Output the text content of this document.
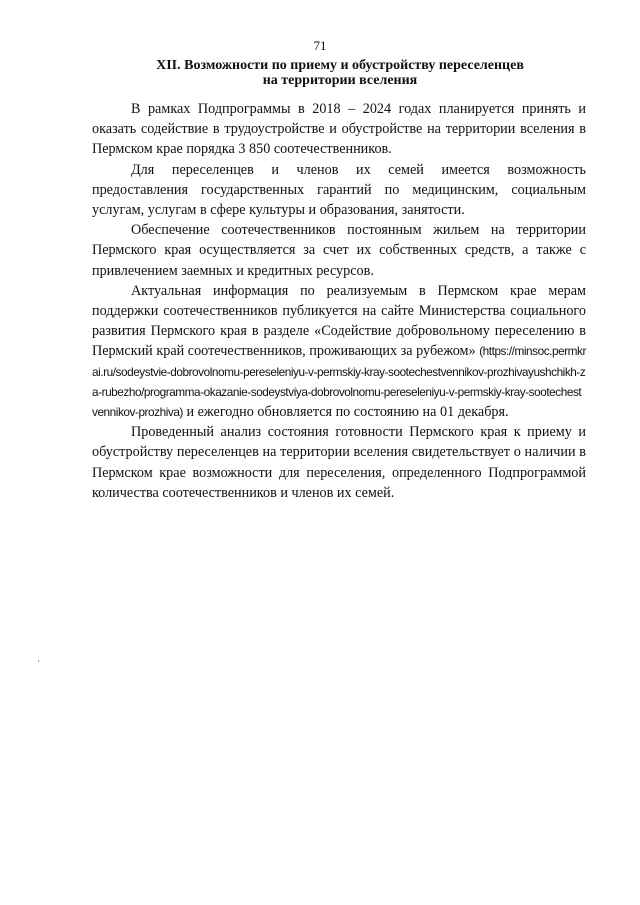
71
XII. Возможности по приему и обустройству переселенцев
на территории вселения

В рамках Подпрограммы в 2018 – 2024 годах планируется принять и оказать содействие в трудоустройстве и обустройстве на территории вселения в Пермском крае порядка 3 850 соотечественников.

Для переселенцев и членов их семей имеется возможность предоставления государственных гарантий по медицинским, социальным услугам, услугам в сфере культуры и образования, занятости.

Обеспечение соотечественников постоянным жильем на территории Пермского края осуществляется за счет их собственных средств, а также с привлечением заемных и кредитных ресурсов.

Актуальная информация по реализуемым в Пермском крае мерам поддержки соотечественников публикуется на сайте Министерства социального развития Пермского края в разделе «Содействие добровольному переселению в Пермский край соотечественников, проживающих за рубежом» (https://minsoc.permkrai.ru/sodeystvie-dobrovolnomu-pereseleniyu-v-permskiy-kray-sootechestvennikov-prozhivayushchikh-za-rubezho/programma-okazanie-sodeystviya-dobrovolnomu-pereseleniyu-v-permskiy-kray-sootechestvennikov-prozhiva) и ежегодно обновляется по состоянию на 01 декабря.

Проведенный анализ состояния готовности Пермского края к приему и обустройству переселенцев на территории вселения свидетельствует о наличии в Пермском крае возможности для переселения, определенного Подпрограммой количества соотечественников и членов их семей.
